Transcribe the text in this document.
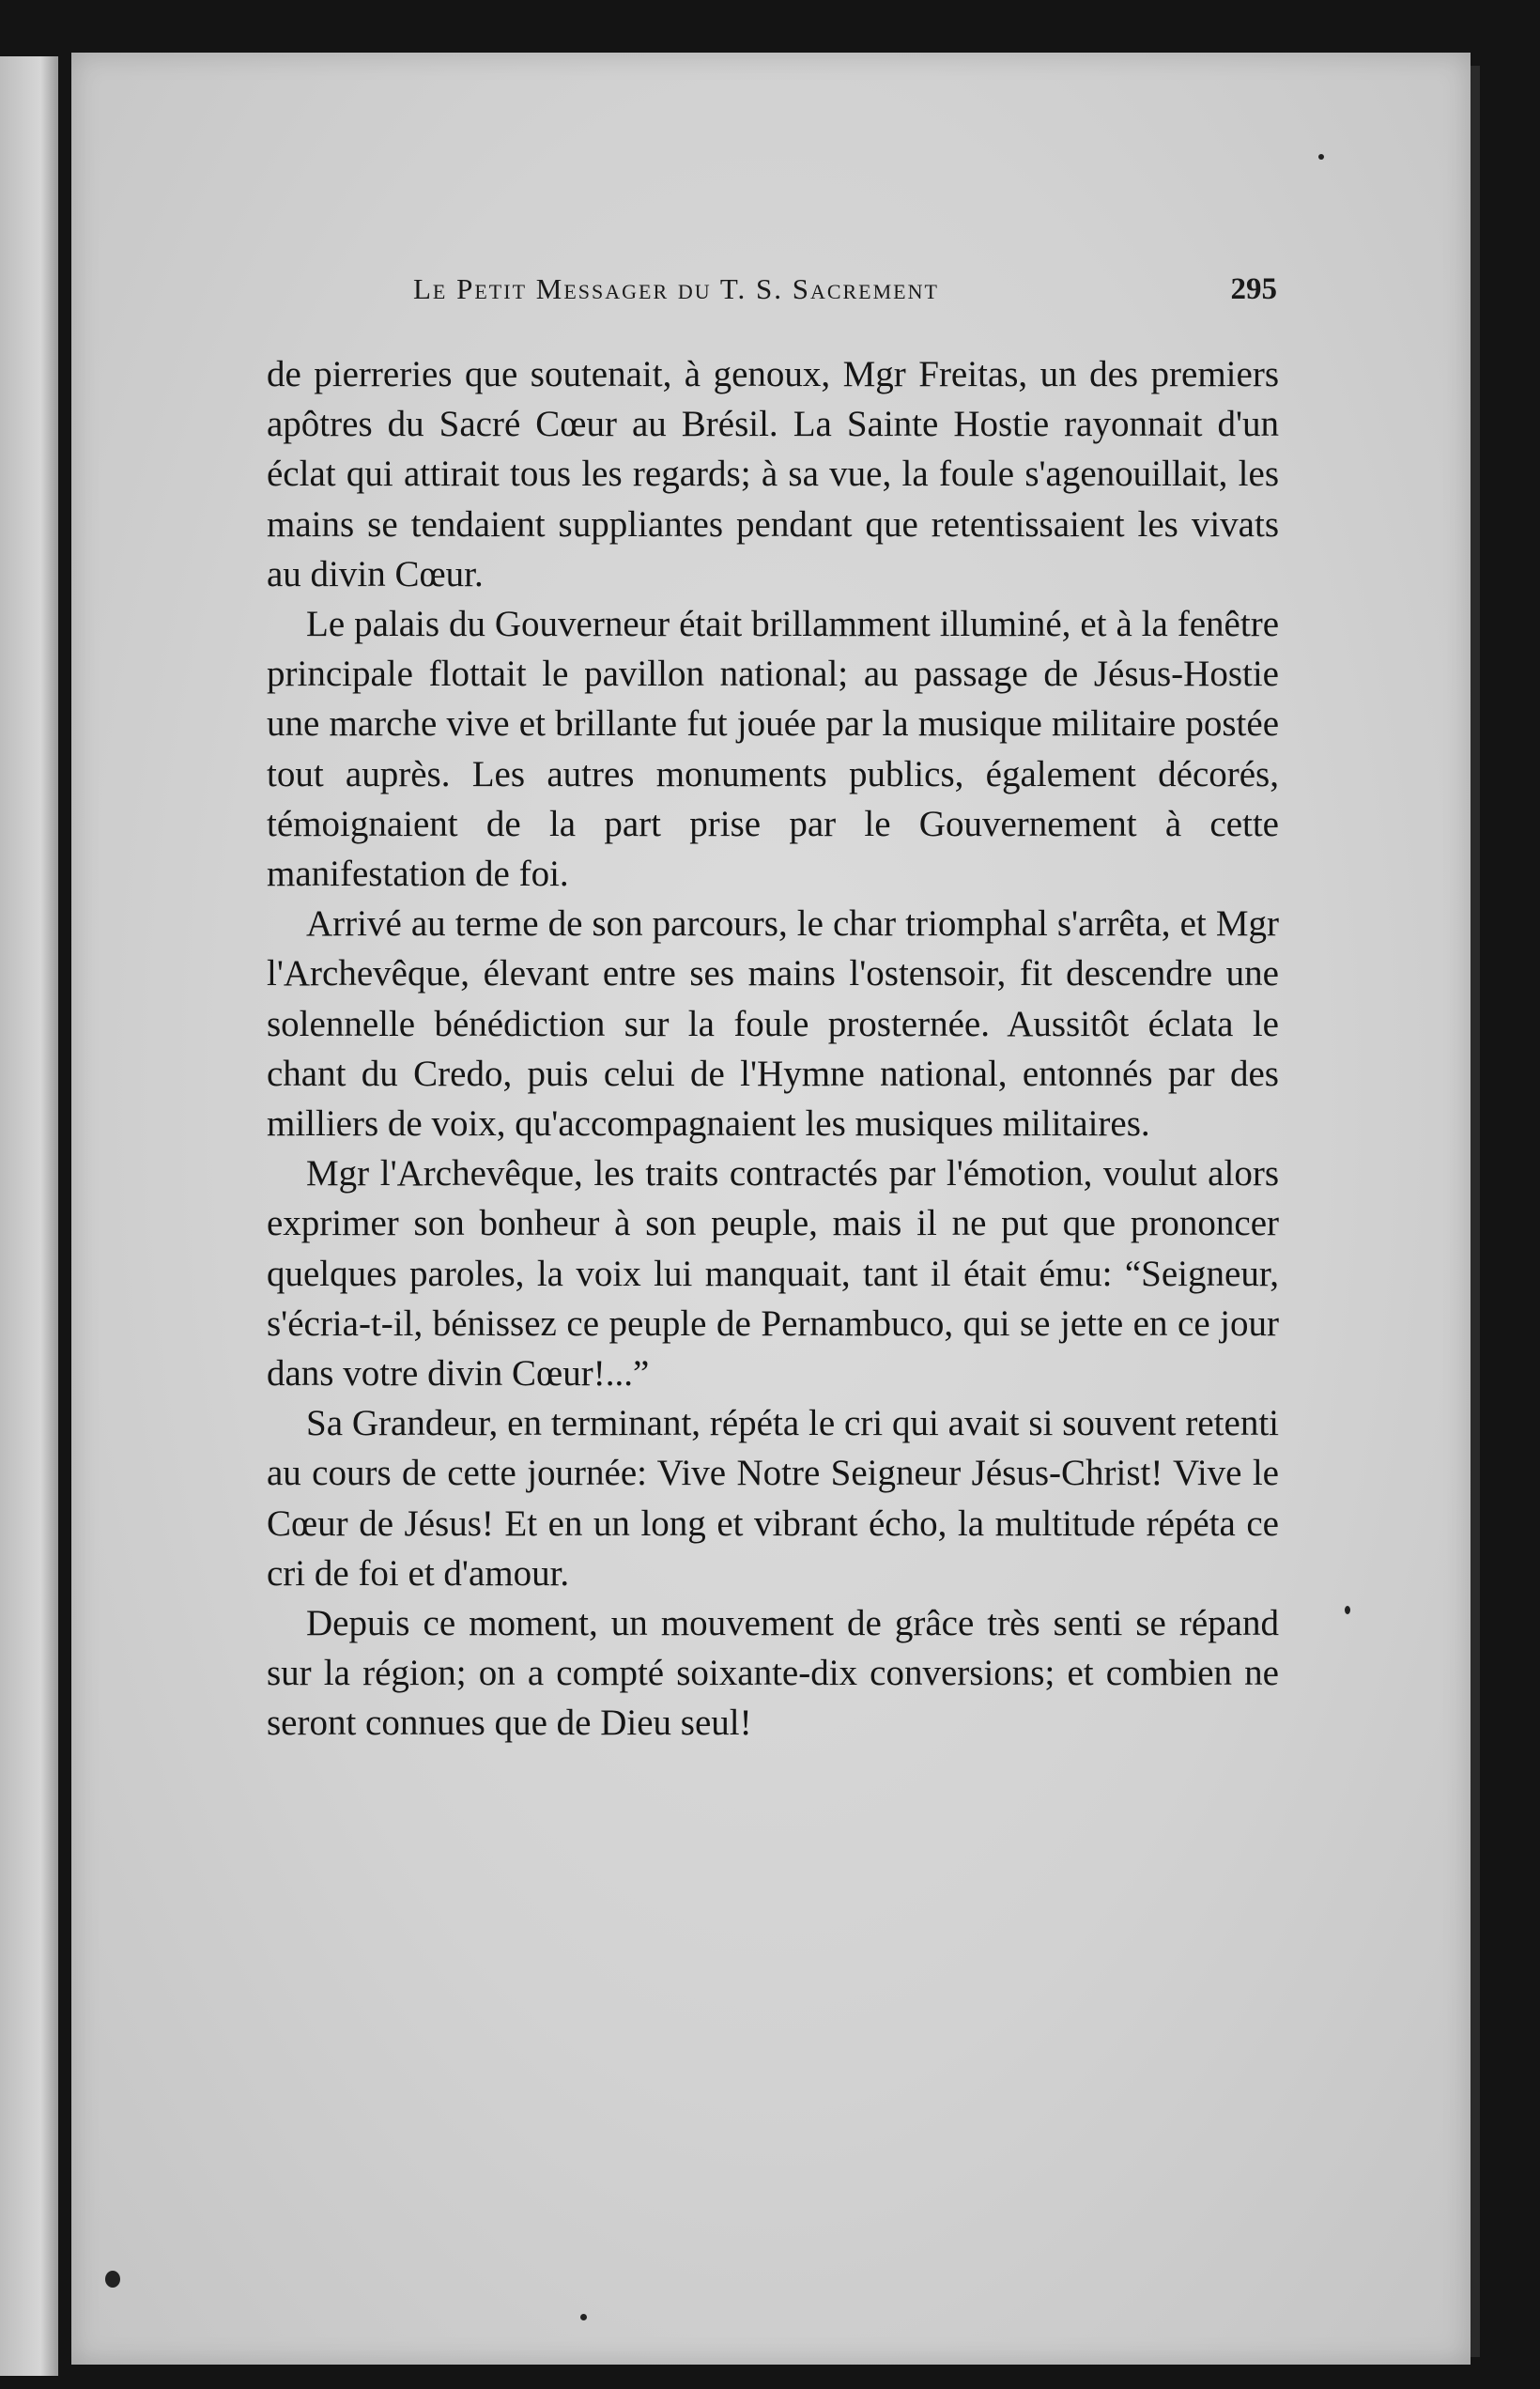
Le Petit Messager du T. S. Sacrement	295

de pierreries que soutenait, à genoux, Mgr Freitas, un des premiers apôtres du Sacré Cœur au Brésil. La Sainte Hostie rayonnait d'un éclat qui attirait tous les regards; à sa vue, la foule s'agenouillait, les mains se tendaient suppliantes pendant que retentissaient les vivats au divin Cœur.

Le palais du Gouverneur était brillamment illuminé, et à la fenêtre principale flottait le pavillon national; au passage de Jésus-Hostie une marche vive et brillante fut jouée par la musique militaire postée tout auprès. Les autres monuments publics, également décorés, témoignaient de la part prise par le Gouvernement à cette manifestation de foi.

Arrivé au terme de son parcours, le char triomphal s'arrêta, et Mgr l'Archevêque, élevant entre ses mains l'ostensoir, fit descendre une solennelle bénédiction sur la foule prosternée. Aussitôt éclata le chant du Credo, puis celui de l'Hymne national, entonnés par des milliers de voix, qu'accompagnaient les musiques militaires.

Mgr l'Archevêque, les traits contractés par l'émotion, voulut alors exprimer son bonheur à son peuple, mais il ne put que prononcer quelques paroles, la voix lui manquait, tant il était ému: “Seigneur, s'écria-t-il, bénissez ce peuple de Pernambuco, qui se jette en ce jour dans votre divin Cœur!...”

Sa Grandeur, en terminant, répéta le cri qui avait si souvent retenti au cours de cette journée: Vive Notre Seigneur Jésus-Christ! Vive le Cœur de Jésus! Et en un long et vibrant écho, la multitude répéta ce cri de foi et d'amour.

Depuis ce moment, un mouvement de grâce très senti se répand sur la région; on a compté soixante-dix conversions; et combien ne seront connues que de Dieu seul!
